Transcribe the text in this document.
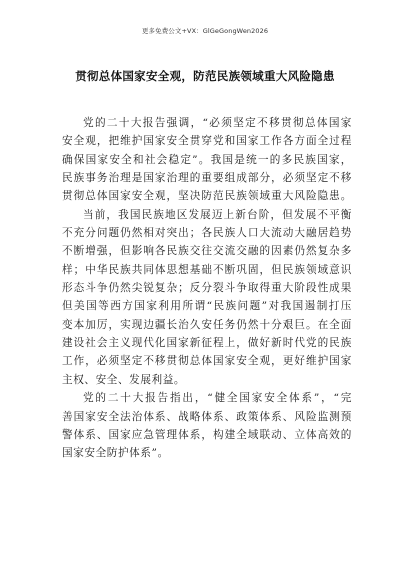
更多免费公文+VX：GlGeGongWen2026
贯彻总体国家安全观，防范民族领域重大风险隐患
党的二十大报告强调，“必须坚定不移贯彻总体国家
安全观，把维护国家安全贯穿党和国家工作各方面全过程
确保国家安全和社会稳定”。我国是统一的多民族国家，
民族事务治理是国家治理的重要组成部分，必须坚定不移
贯彻总体国家安全观，坚决防范民族领域重大风险隐患。
当前，我国民族地区发展迈上新台阶，但发展不平衡
不充分问题仍然相对突出；各民族人口大流动大融居趋势
不断增强，但影响各民族交往交流交融的因素仍然复杂多
样；中华民族共同体思想基础不断巩固，但民族领域意识
形态斗争仍然尖锐复杂；反分裂斗争取得重大阶段性成果
但美国等西方国家利用所谓“民族问题”对我国遏制打压
变本加厉，实现边疆长治久安任务仍然十分艰巨。在全面
建设社会主义现代化国家新征程上，做好新时代党的民族
工作，必须坚定不移贯彻总体国家安全观，更好维护国家
主权、安全、发展利益。
党的二十大报告指出，“健全国家安全体系”，“完
善国家安全法治体系、战略体系、政策体系、风险监测预
警体系、国家应急管理体系，构建全域联动、立体高效的
国家安全防护体系”。
